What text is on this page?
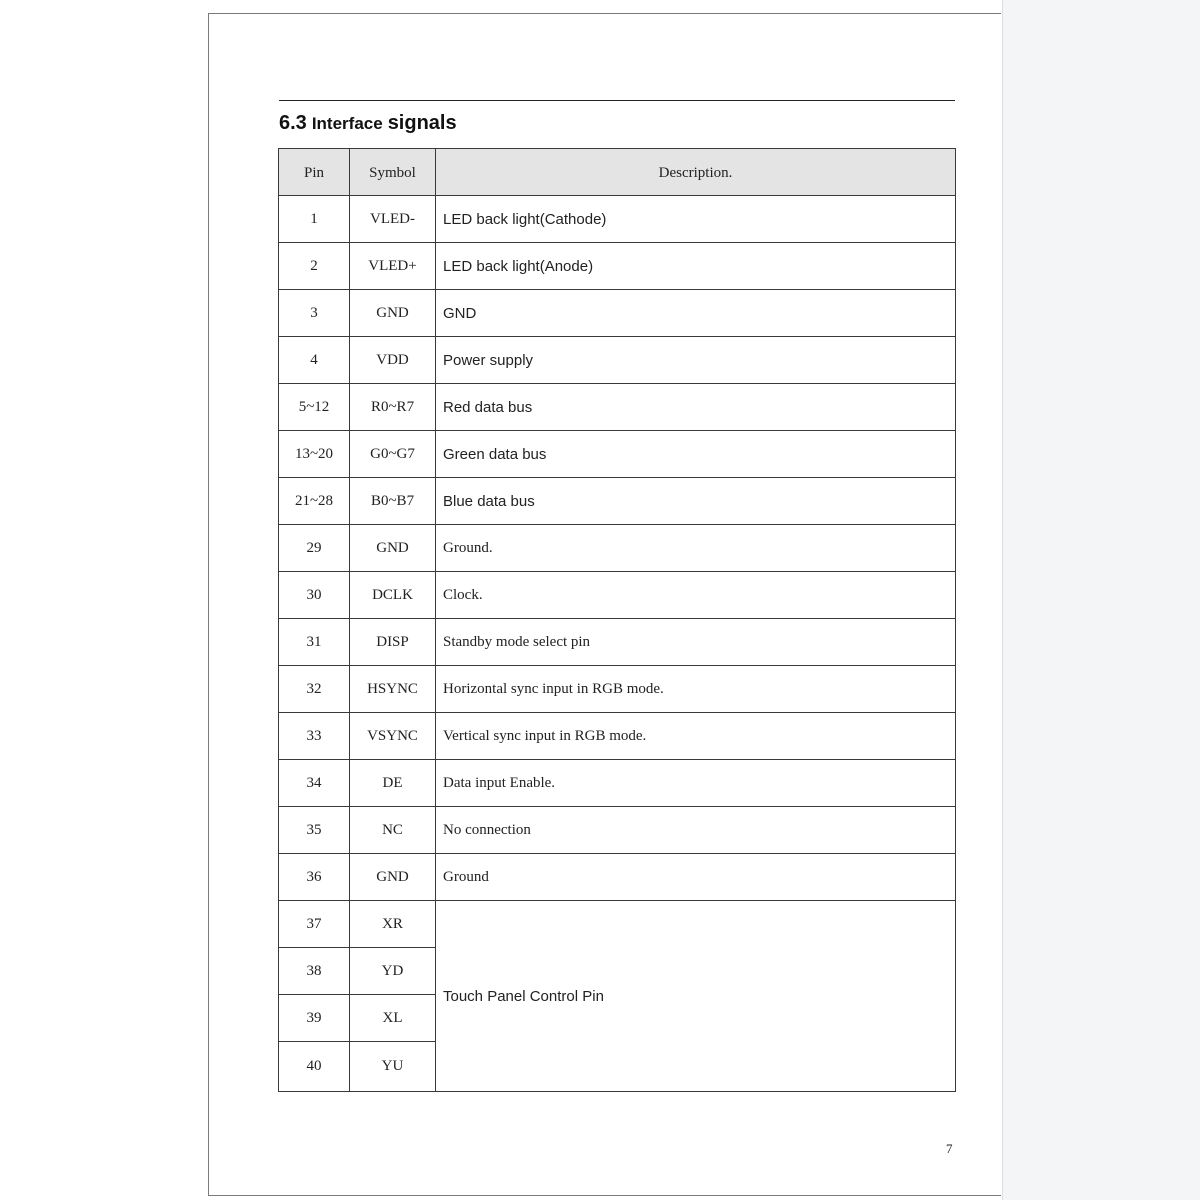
6.3 Interface signals
Pin	Symbol	Description.
1	VLED-	LED back light(Cathode)
2	VLED+	LED back light(Anode)
3	GND	GND
4	VDD	Power supply
5~12	R0~R7	Red data bus
13~20	G0~G7	Green data bus
21~28	B0~B7	Blue data bus
29	GND	Ground.
30	DCLK	Clock.
31	DISP	Standby mode select pin
32	HSYNC	Horizontal sync input in RGB mode.
33	VSYNC	Vertical sync input in RGB mode.
34	DE	Data input Enable.
35	NC	No connection
36	GND	Ground
37	XR	Touch Panel Control Pin
38	YD	
39	XL	
40	YU	
7
